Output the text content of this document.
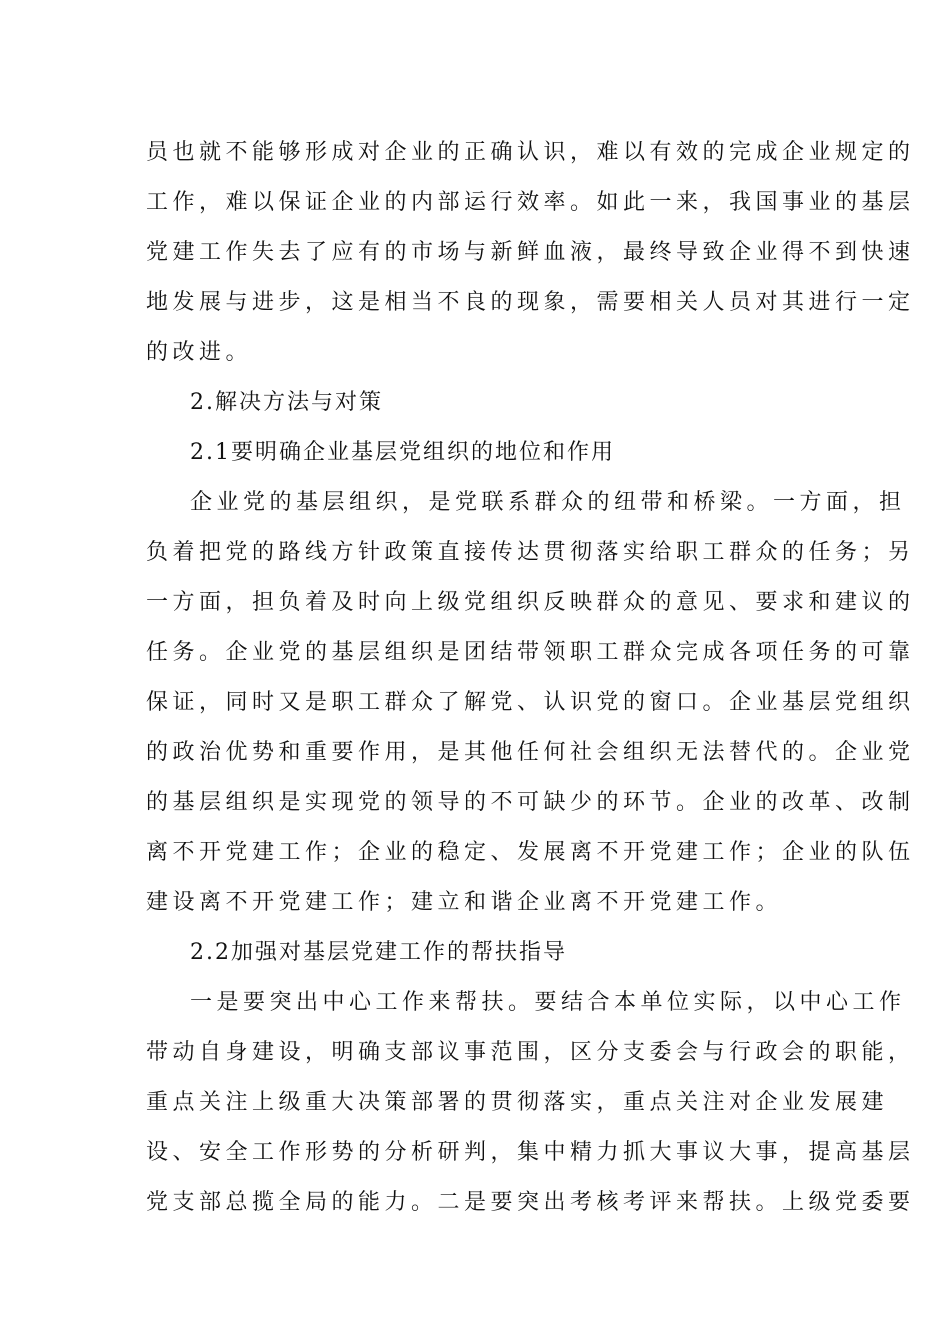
员也就不能够形成对企业的正确认识，难以有效的完成企业规定的
工作，难以保证企业的内部运行效率。如此一来，我国事业的基层
党建工作失去了应有的市场与新鲜血液，最终导致企业得不到快速
地发展与进步，这是相当不良的现象，需要相关人员对其进行一定
的改进。
2.解决方法与对策
2.1要明确企业基层党组织的地位和作用
企业党的基层组织，是党联系群众的纽带和桥梁。一方面，担
负着把党的路线方针政策直接传达贯彻落实给职工群众的任务；另
一方面，担负着及时向上级党组织反映群众的意见、要求和建议的
任务。企业党的基层组织是团结带领职工群众完成各项任务的可靠
保证，同时又是职工群众了解党、认识党的窗口。企业基层党组织
的政治优势和重要作用，是其他任何社会组织无法替代的。企业党
的基层组织是实现党的领导的不可缺少的环节。企业的改革、改制
离不开党建工作；企业的稳定、发展离不开党建工作；企业的队伍
建设离不开党建工作；建立和谐企业离不开党建工作。
2.2加强对基层党建工作的帮扶指导
一是要突出中心工作来帮扶。要结合本单位实际，以中心工作
带动自身建设，明确支部议事范围，区分支委会与行政会的职能，
重点关注上级重大决策部署的贯彻落实，重点关注对企业发展建
设、安全工作形势的分析研判，集中精力抓大事议大事，提高基层
党支部总揽全局的能力。二是要突出考核考评来帮扶。上级党委要
